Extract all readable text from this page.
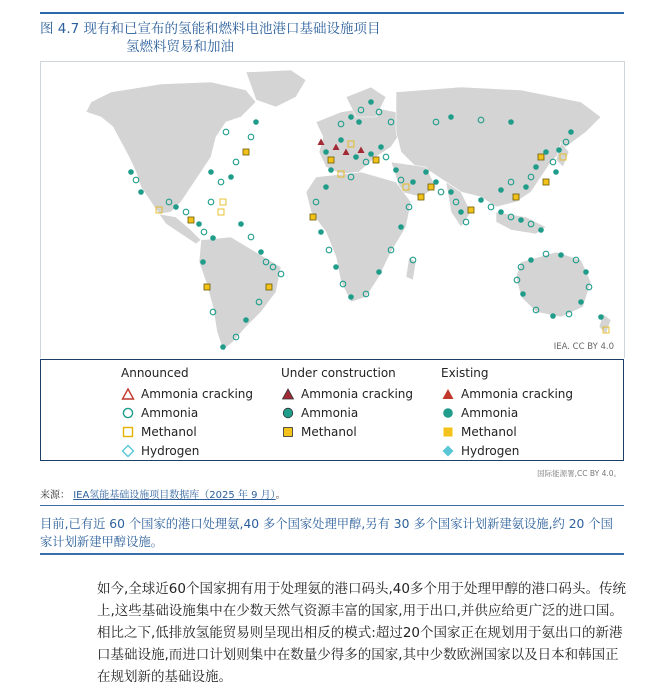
图 4.7 现有和已宣布的氢能和燃料电池港口基础设施项目
氢燃料贸易和加油
IEA. CC BY 4.0
Announced
Ammonia cracking
Ammonia
Methanol
Hydrogen
Under construction
Ammonia cracking
Ammonia
Methanol
Existing
Ammonia cracking
Ammonia
Methanol
Hydrogen
国际能源署,CC BY 4.0。
来源： IEA氢能基础设施项目数据库（2025 年 9 月）。
目前,已有近 60 个国家的港口处理氨,40 多个国家处理甲醇,另有 30 多个国家计划新建氨设施,约 20 个国家计划新建甲醇设施。
如今,全球近60个国家拥有用于处理氨的港口码头,40多个用于处理甲醇的港口码头。传统上,这些基础设施集中在少数天然气资源丰富的国家,用于出口,并供应给更广泛的进口国。相比之下,低排放氢能贸易则呈现出相反的模式:超过20个国家正在规划用于氨出口的新港口基础设施,而进口计划则集中在数量少得多的国家,其中少数欧洲国家以及日本和韩国正在规划新的基础设施。
